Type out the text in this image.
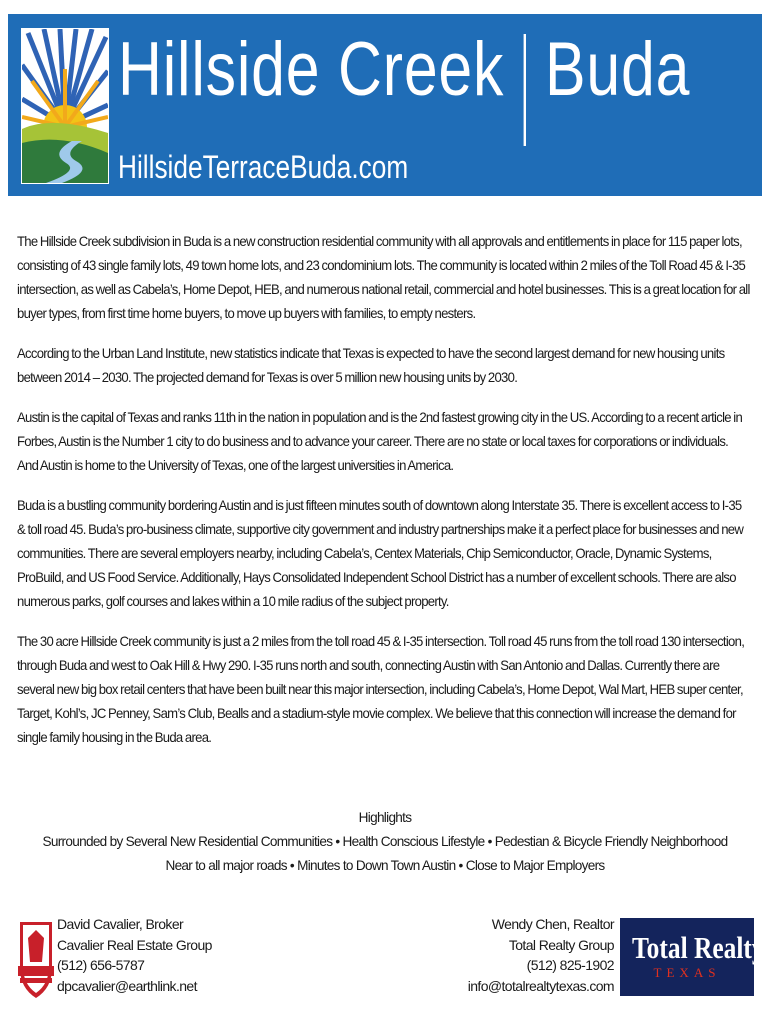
Hillside Creek Buda
HillsideTerraceBuda.com

The Hillside Creek subdivision in Buda is a new construction residential community with all approvals and entitlements in place for 115 paper lots, consisting of 43 single family lots, 49 town home lots, and 23 condominium lots. The community is located within 2 miles of the Toll Road 45 & I-35 intersection, as well as Cabela’s, Home Depot, HEB, and numerous national retail, commercial and hotel businesses. This is a great location for all buyer types, from first time home buyers, to move up buyers with families, to empty nesters.

According to the Urban Land Institute, new statistics indicate that Texas is expected to have the second largest demand for new housing units between 2014 – 2030. The projected demand for Texas is over 5 million new housing units by 2030.

Austin is the capital of Texas and ranks 11th in the nation in population and is the 2nd fastest growing city in the US. According to a recent article in Forbes, Austin is the Number 1 city to do business and to advance your career. There are no state or local taxes for corporations or individuals. And Austin is home to the University of Texas, one of the largest universities in America.

Buda is a bustling community bordering Austin and is just fifteen minutes south of downtown along Interstate 35. There is excellent access to I-35 & toll road 45. Buda’s pro-business climate, supportive city government and industry partnerships make it a perfect place for businesses and new communities. There are several employers nearby, including Cabela’s, Centex Materials, Chip Semiconductor, Oracle, Dynamic Systems, ProBuild, and US Food Service. Additionally, Hays Consolidated Independent School District has a number of excellent schools. There are also numerous parks, golf courses and lakes within a 10 mile radius of the subject property.

The 30 acre Hillside Creek community is just a 2 miles from the toll road 45 & I-35 intersection. Toll road 45 runs from the toll road 130 intersection, through Buda and west to Oak Hill & Hwy 290. I-35 runs north and south, connecting Austin with San Antonio and Dallas. Currently there are several new big box retail centers that have been built near this major intersection, including Cabela’s, Home Depot, Wal Mart, HEB super center, Target, Kohl’s, JC Penney, Sam’s Club, Bealls and a stadium-style movie complex. We believe that this connection will increase the demand for single family housing in the Buda area.

Highlights
Surrounded by Several New Residential Communities • Health Conscious Lifestyle • Pedestian & Bicycle Friendly Neighborhood
Near to all major roads • Minutes to Down Town Austin • Close to Major Employers
David Cavalier, Broker
Cavalier Real Estate Group
(512) 656-5787
dpcavalier@earthlink.net
Wendy Chen, Realtor
Total Realty Group
(512) 825-1902
info@totalrealtytexas.com
Total Realty
TEXAS
